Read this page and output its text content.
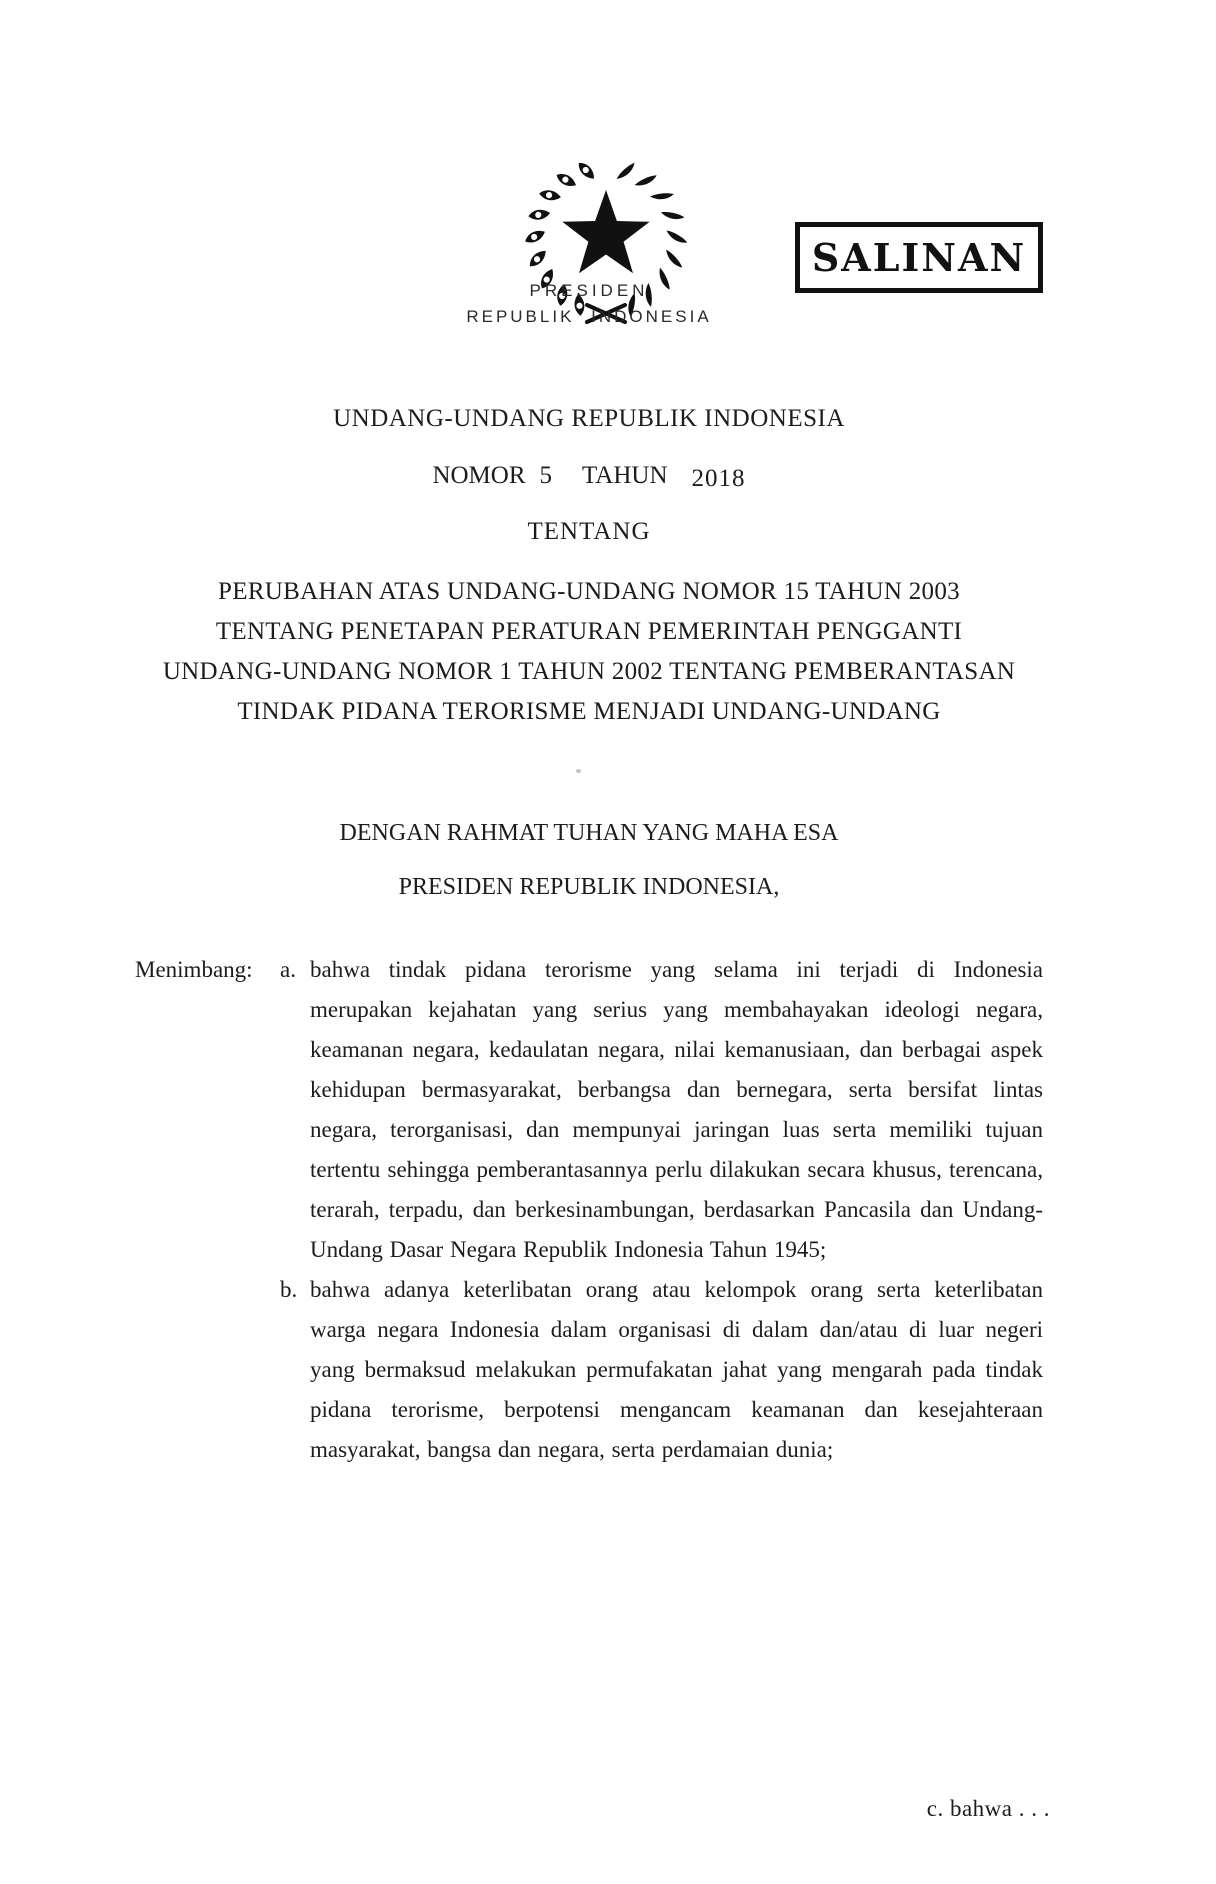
SALINAN
PRESIDEN
REPUBLIK INDONESIA
UNDANG-UNDANG REPUBLIK INDONESIA
NOMOR 5 TAHUN 2018
TENTANG
PERUBAHAN ATAS UNDANG-UNDANG NOMOR 15 TAHUN 2003
TENTANG PENETAPAN PERATURAN PEMERINTAH PENGGANTI
UNDANG-UNDANG NOMOR 1 TAHUN 2002 TENTANG PEMBERANTASAN
TINDAK PIDANA TERORISME MENJADI UNDANG-UNDANG
DENGAN RAHMAT TUHAN YANG MAHA ESA
PRESIDEN REPUBLIK INDONESIA,
Menimbang:	a. bahwa tindak pidana terorisme yang selama ini terjadi di Indonesia merupakan kejahatan yang serius yang membahayakan ideologi negara, keamanan negara, kedaulatan negara, nilai kemanusiaan, dan berbagai aspek kehidupan bermasyarakat, berbangsa dan bernegara, serta bersifat lintas negara, terorganisasi, dan mempunyai jaringan luas serta memiliki tujuan tertentu sehingga pemberantasannya perlu dilakukan secara khusus, terencana, terarah, terpadu, dan berkesinambungan, berdasarkan Pancasila dan Undang-Undang Dasar Negara Republik Indonesia Tahun 1945;
b. bahwa adanya keterlibatan orang atau kelompok orang serta keterlibatan warga negara Indonesia dalam organisasi di dalam dan/atau di luar negeri yang bermaksud melakukan permufakatan jahat yang mengarah pada tindak pidana terorisme, berpotensi mengancam keamanan dan kesejahteraan masyarakat, bangsa dan negara, serta perdamaian dunia;
c. bahwa . . .
